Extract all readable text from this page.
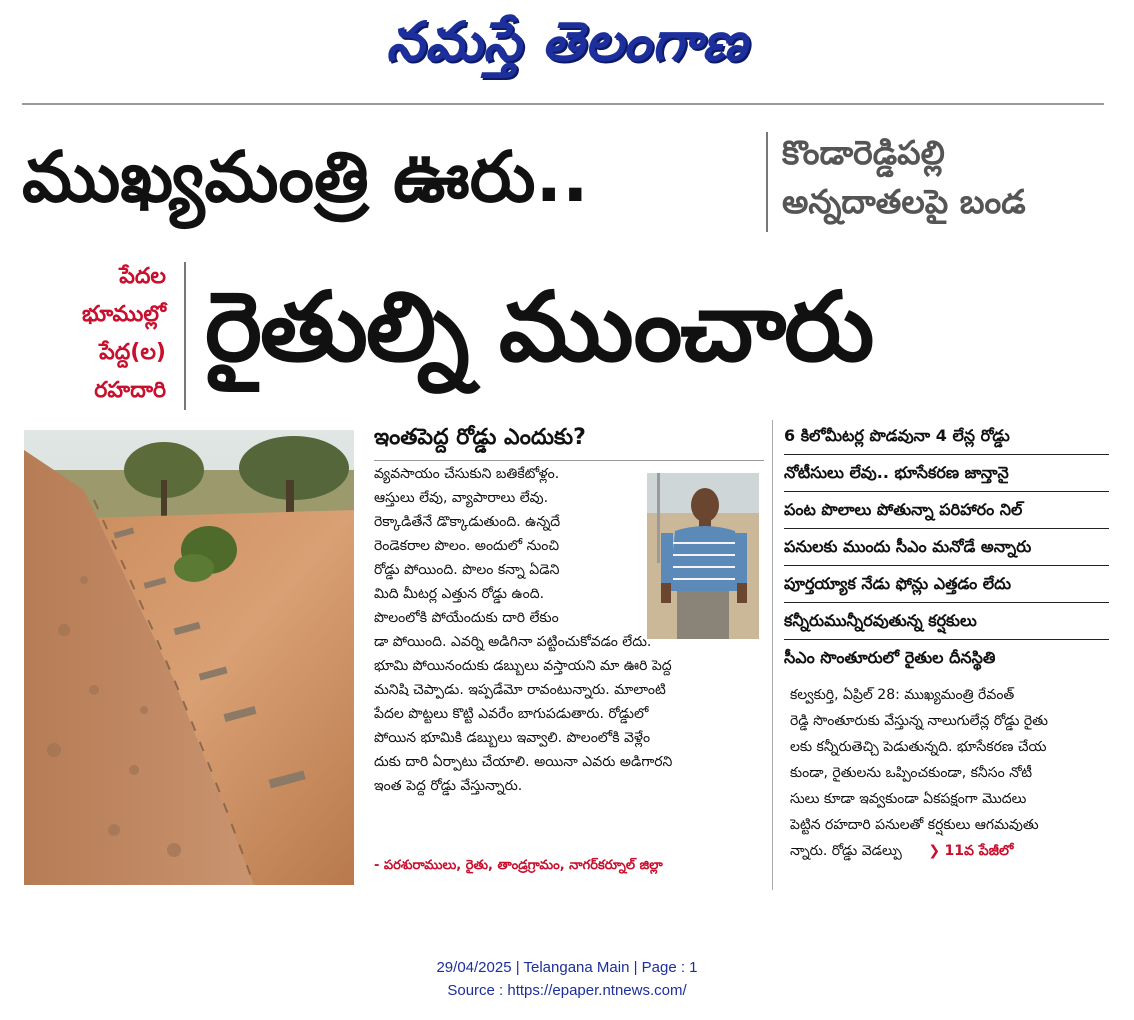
నమస్తే తెలంగాణ
ముఖ్యమంత్రి ఊరు..	కొండారెడ్డిపల్లి
అన్నదాతలపై బండ
పేదల
భూముల్లో
పేద్ద(ల)
రహదారి
రైతుల్ని ముంచారు
ఇంతపెద్ద రోడ్డు ఎందుకు?
వ్యవసాయం చేసుకుని బతికేటోళ్లం.
ఆస్తులు లేవు, వ్యాపారాలు లేవు.
రెక్కాడితేనే డొక్కాడుతుంది. ఉన్నదే
రెండెకరాల పొలం. అందులో నుంచి
రోడ్డు పోయింది. పొలం కన్నా ఏడెని
మిది మీటర్ల ఎత్తున రోడ్డు ఉంది.
పొలంలోకి పోయేందుకు దారి లేకుం
డా పోయింది. ఎవర్ని అడిగినా పట్టించుకోవడం లేదు.
భూమి పోయినందుకు డబ్బులు వస్తాయని మా ఊరి పెద్ద
మనిషి చెప్పాడు. ఇప్పడేమో రావంటున్నారు. మాలాంటి
పేదల పొట్టలు కొట్టి ఎవరేం బాగుపడుతారు. రోడ్డులో
పోయిన భూమికి డబ్బులు ఇవ్వాలి. పొలంలోకి వెళ్లేం
దుకు దారి ఏర్పాటు చేయాలి. అయినా ఎవరు అడిగారని
ఇంత పెద్ద రోడ్డు వేస్తున్నారు.
- పరశురాములు, రైతు, తాండ్రగ్రామం, నాగర్‌కర్నూల్ జిల్లా
6 కిలోమీటర్ల పొడవునా 4 లేన్ల రోడ్డు
నోటీసులు లేవు.. భూసేకరణ జాన్తానై
పంట పొలాలు పోతున్నా పరిహారం నిల్
పనులకు ముందు సీఎం మనోడే అన్నారు
పూర్తయ్యాక నేడు ఫోన్లు ఎత్తడం లేదు
కన్నీరుమున్నీరవుతున్న కర్షకులు
సీఎం సొంతూరులో రైతుల దీనస్థితి
కల్వకుర్తి, ఏప్రిల్ 28: ముఖ్యమంత్రి రేవంత్
రెడ్డి సొంతూరుకు వేస్తున్న నాలుగులేన్ల రోడ్డు రైతు
లకు కన్నీరుతెచ్చి పెడుతున్నది. భూసేకరణ చేయ
కుండా, రైతులను ఒప్పించకుండా, కనీసం నోటీ
సులు కూడా ఇవ్వకుండా ఏకపక్షంగా మొదలు
పెట్టిన రహదారి పనులతో కర్షకులు ఆగమవుతు
న్నారు. రోడ్డు వెడల్పు ❯ 11వ పేజీలో
29/04/2025 | Telangana Main | Page : 1
Source : https://epaper.ntnews.com/
